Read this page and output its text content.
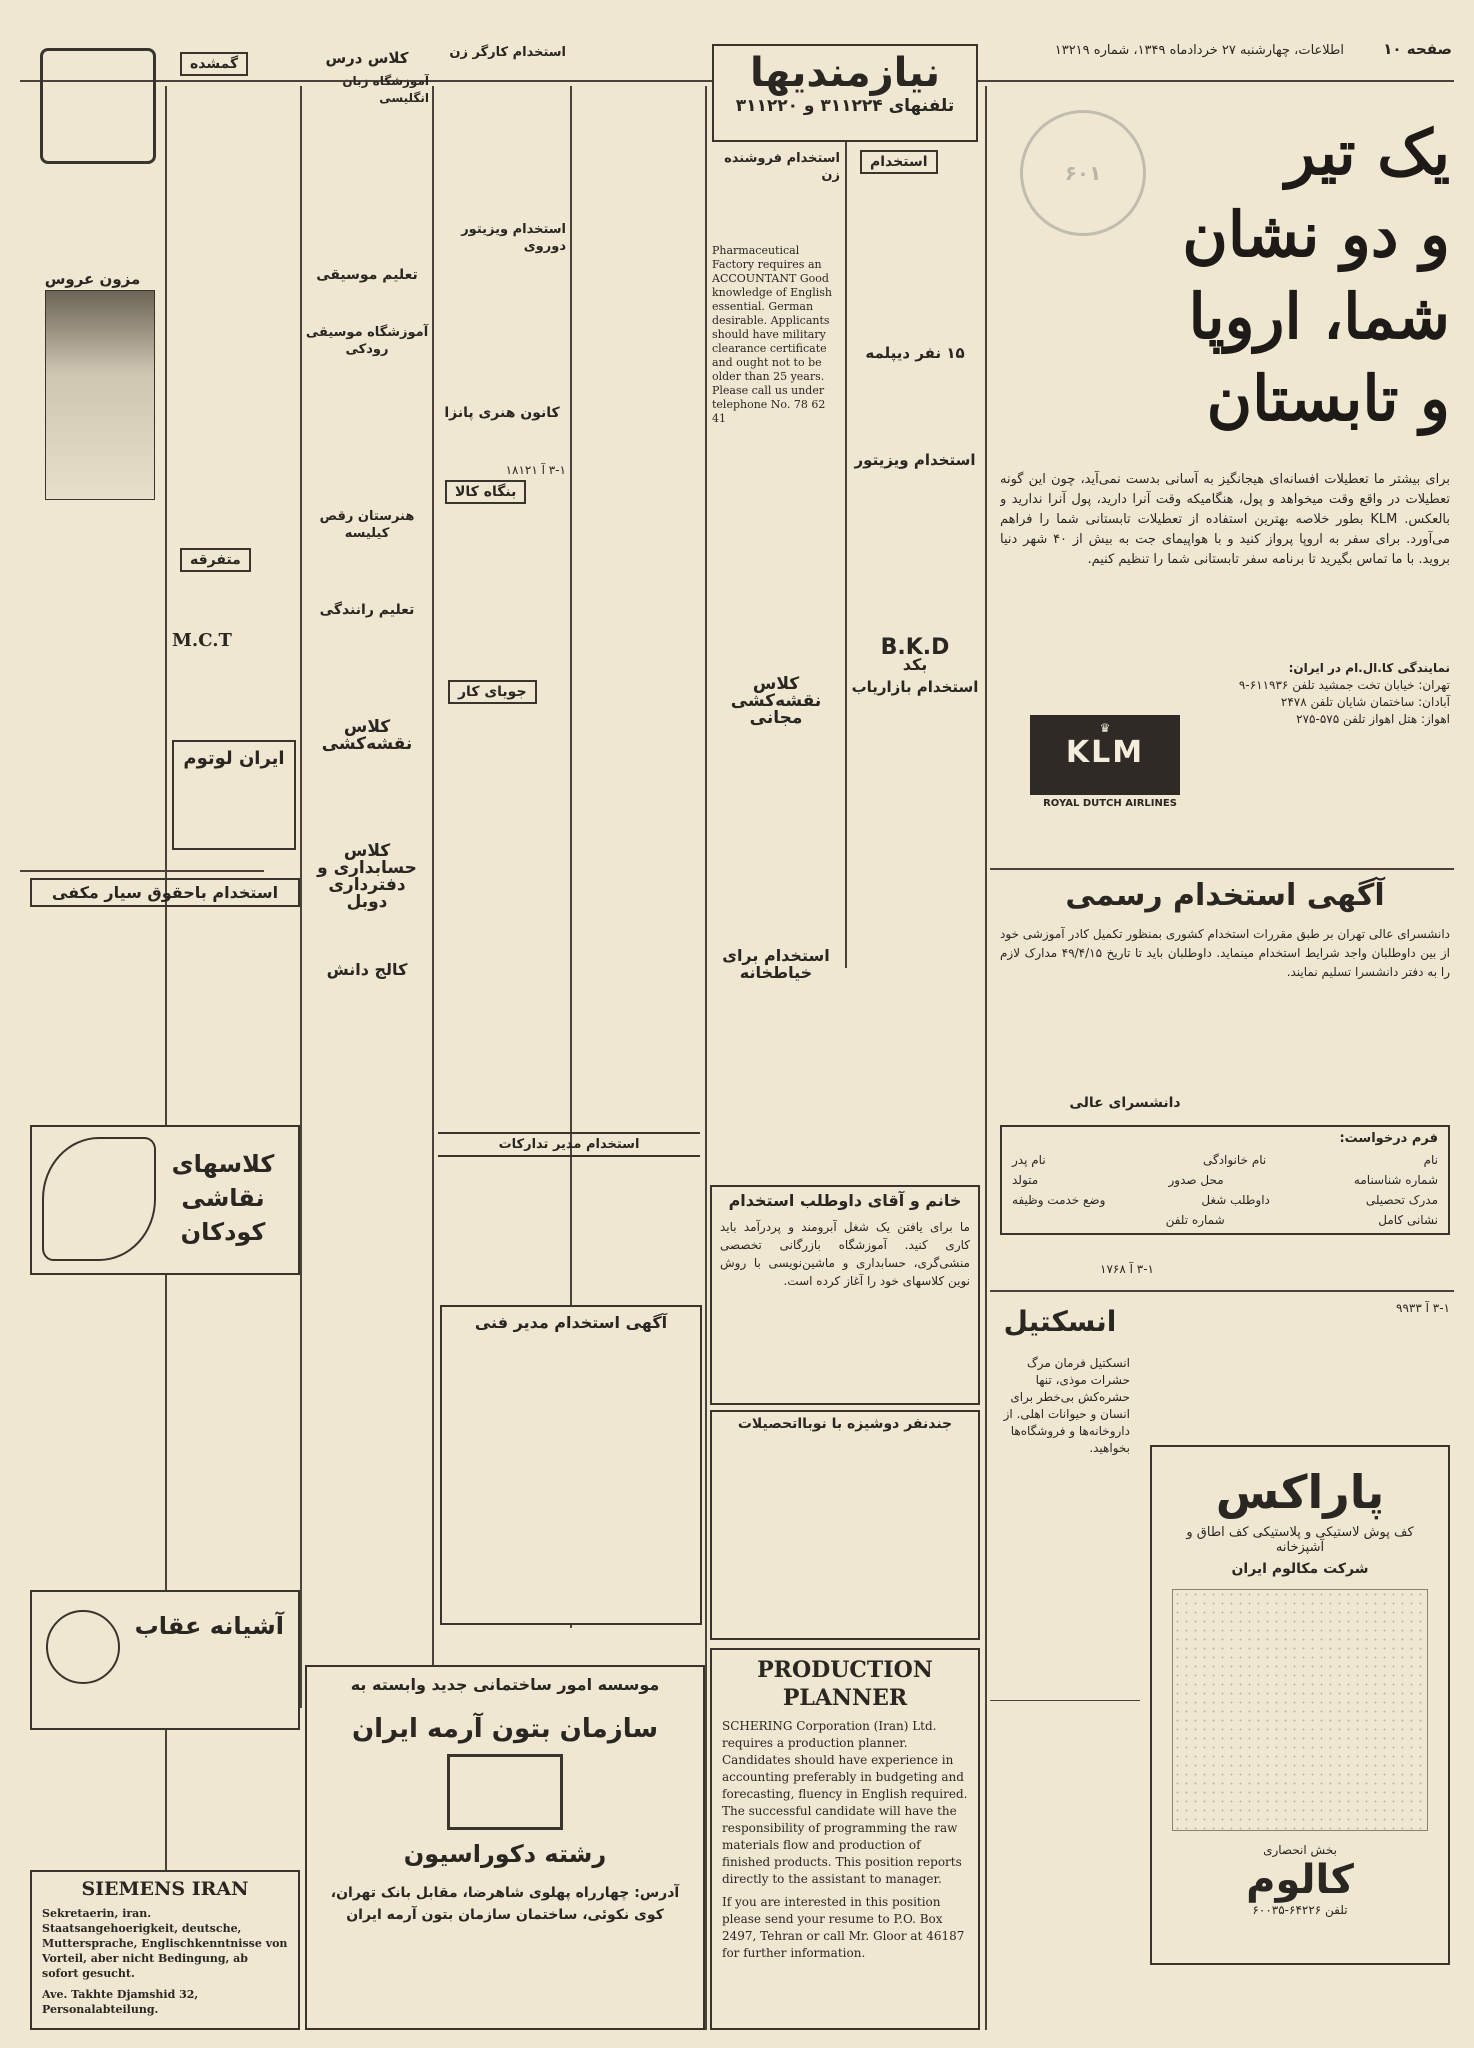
صفحه ۱۰
اطلاعات، چهارشنبه ۲۷ خردادماه ۱۳۴۹، شماره ۱۳۲۱۹
۶۰۱	یک تیر
و دو نشان
شما، اروپا
و تابستان
برای بیشتر ما تعطیلات افسانه‌ای هیجانگیز به آسانی بدست نمی‌آید، چون این گونه تعطیلات در واقع وقت میخواهد و پول، هنگامیکه وقت آنرا دارید، پول آنرا ندارید و بالعکس. KLM بطور خلاصه بهترین استفاده از تعطیلات تابستانی شما را فراهم می‌آورد. برای سفر به اروپا پرواز کنید و با هواپیمای جت به بیش از ۴۰ شهر دنیا بروید. با ما تماس بگیرید تا برنامه سفر تابستانی شما را تنظیم کنیم.
نمایندگی کا.ال.ام در ایران:
تهران: خیابان تخت جمشید تلفن ۶۱۱۹۳۶-۹
آبادان: ساختمان شایان تلفن ۲۴۷۸
اهواز: هتل اهواز تلفن ۵۷۵-۲۷۵
♛
KLM
ROYAL DUTCH AIRLINES
آگهی استخدام رسمی
دانشسرای عالی تهران بر طبق مقررات استخدام کشوری بمنظور تکمیل کادر آموزشی خود از بین داوطلبان واجد شرایط استخدام مینماید. داوطلبان باید تا تاریخ ۴۹/۴/۱۵ مدارک لازم را به دفتر دانشسرا تسلیم نمایند.
دانشسرای عالی
فرم درخواست:
نام
نام خانوادگی
نام پدر
شماره شناسنامه
محل صدور
متولد
مدرک تحصیلی
داوطلب شغل
وضع خدمت وظیفه
نشانی کامل
شماره تلفن
۳-۱ آ ۱۷۶۸
انسکتیل
انسکتیل فرمان مرگ حشرات موذی، تنها حشره‌کش بی‌خطر برای انسان و حیوانات اهلی. از داروخانه‌ها و فروشگاه‌ها بخواهید.
۳-۱ آ ۹۹۳۳
پاراکس
کف پوش لاستیکی و پلاستیکی کف اطاق و آشپزخانه
شرکت مکالوم ایران
بخش انحصاری
کالوم
تلفن ۶۴۲۲۶-۶۰۰۳۵
نیازمندیها
تلفنهای ۳۱۱۲۲۴ و ۳۱۱۲۲۰
استخدام
۱۵ نفر دیپلمه
استخدام ویزیتور
B.K.D
بکد
استخدام بازاریاب
استخدام فروشنده زن
Pharmaceutical Factory requires an ACCOUNTANT Good knowledge of English essential. German desirable. Applicants should have military clearance certificate and ought not to be older than 25 years. Please call us under telephone No. 78 62 41
کلاس نقشه‌کشی مجانی
استخدام برای خیاطخانه
خانم و آقای داوطلب استخدام
ما برای یافتن یک شغل آبرومند و پردرآمد باید کاری کنید. آموزشگاه بازرگانی تخصصی منشی‌گری، حسابداری و ماشین‌نویسی با روش نوین کلاسهای خود را آغاز کرده است.
جندنفر دوشیزه با نوبااتحصیلات
PRODUCTION PLANNER
SCHERING Corporation (Iran) Ltd. requires a production planner. Candidates should have experience in accounting preferably in budgeting and forecasting, fluency in English required. The successful candidate will have the responsibility of programming the raw materials flow and production of finished products. This position reports directly to the assistant to manager.
If you are interested in this position please send your resume to P.O. Box 2497, Tehran or call Mr. Gloor at 46187 for further information.
استخدام کارگر زن
استخدام ویزیتور دوروی
کانون هنری پانزا
۳-۱ آ ۱۸۱۲۱
بنگاه کالا
جویای کار
استخدام مدیر تدارکات
آگهی استخدام مدیر فنی
کلاس درس
آموزشگاه زبان انگلیسی
تعلیم موسیقی
آموزشگاه موسیقی رودکی
هنرستان رقص کیلیسه
تعلیم رانندگی
کلاس نقشه‌کشی
کلاس حسابداری و دفترداری دوبل
کالج دانش
موسسه امور ساختمانی جدید وابسته به
سازمان بتون آرمه ایران
رشته دکوراسیون
آدرس: چهارراه پهلوی شاهرضا، مقابل بانک تهران، کوی نکوئی، ساختمان سازمان بتون آرمه ایران
گمشده
متفرقه
M.C.T
ایران لوتوم
مزون عروس
استخدام باحقوق سیار مکفی
کلاسهای نقاشی کودکان
آشیانه عقاب
SIEMENS IRAN
Sekretaerin, iran. Staatsangehoerigkeit, deutsche, Muttersprache, Englischkenntnisse von Vorteil, aber nicht Bedingung, ab sofort gesucht.
Ave. Takhte Djamshid 32, Personalabteilung.
